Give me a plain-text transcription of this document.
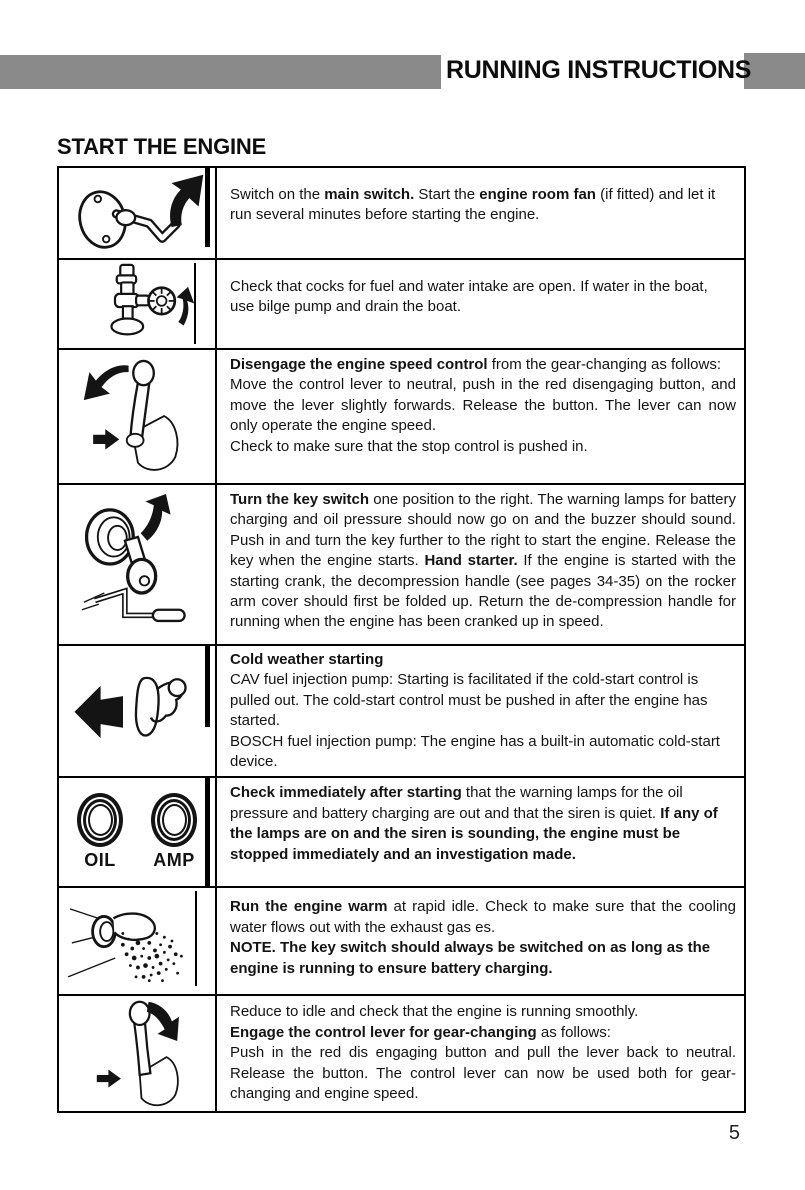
RUNNING INSTRUCTIONS
START THE ENGINE

Switch on the main switch. Start the engine room fan (if fitted) and let it run several minutes before starting the engine.

Check that cocks for fuel and water intake are open. If water in the boat, use bilge pump and drain the boat.

Disengage the engine speed control from the gear-changing as follows:

Move the control lever to neutral, push in the red disengaging button, and move the lever slightly forwards. Release the button. The lever can now only operate the engine speed.

Check to make sure that the stop control is pushed in.

Turn the key switch one position to the right. The warning lamps for battery charging and oil pressure should now go on and the buzzer should sound. Push in and turn the key further to the right to start the engine. Release the key when the engine starts. Hand starter. If the engine is started with the starting crank, the decompression handle (see pages 34-35) on the rocker arm cover should first be folded up. Return the de-compression handle for running when the engine has been cranked up in speed.

Cold weather starting

CAV fuel injection pump: Starting is facilitated if the cold-start control is pulled out. The cold-start control must be pushed in after the engine has started.

BOSCH fuel injection pump: The engine has a built-in automatic cold-start device.

OIL AMP

Check immediately after starting that the warning lamps for the oil pressure and battery charging are out and that the siren is quiet. If any of the lamps are on and the siren is sounding, the engine must be stopped immediately and an investigation made.

Run the engine warm at rapid idle. Check to make sure that the cooling water flows out with the exhaust gas es.

NOTE. The key switch should always be switched on as long as the engine is running to ensure battery charging.

Reduce to idle and check that the engine is running smoothly.

Engage the control lever for gear-changing as follows:

Push in the red dis engaging button and pull the lever back to neutral. Release the button. The control lever can now be used both for gear-changing and engine speed.

5
